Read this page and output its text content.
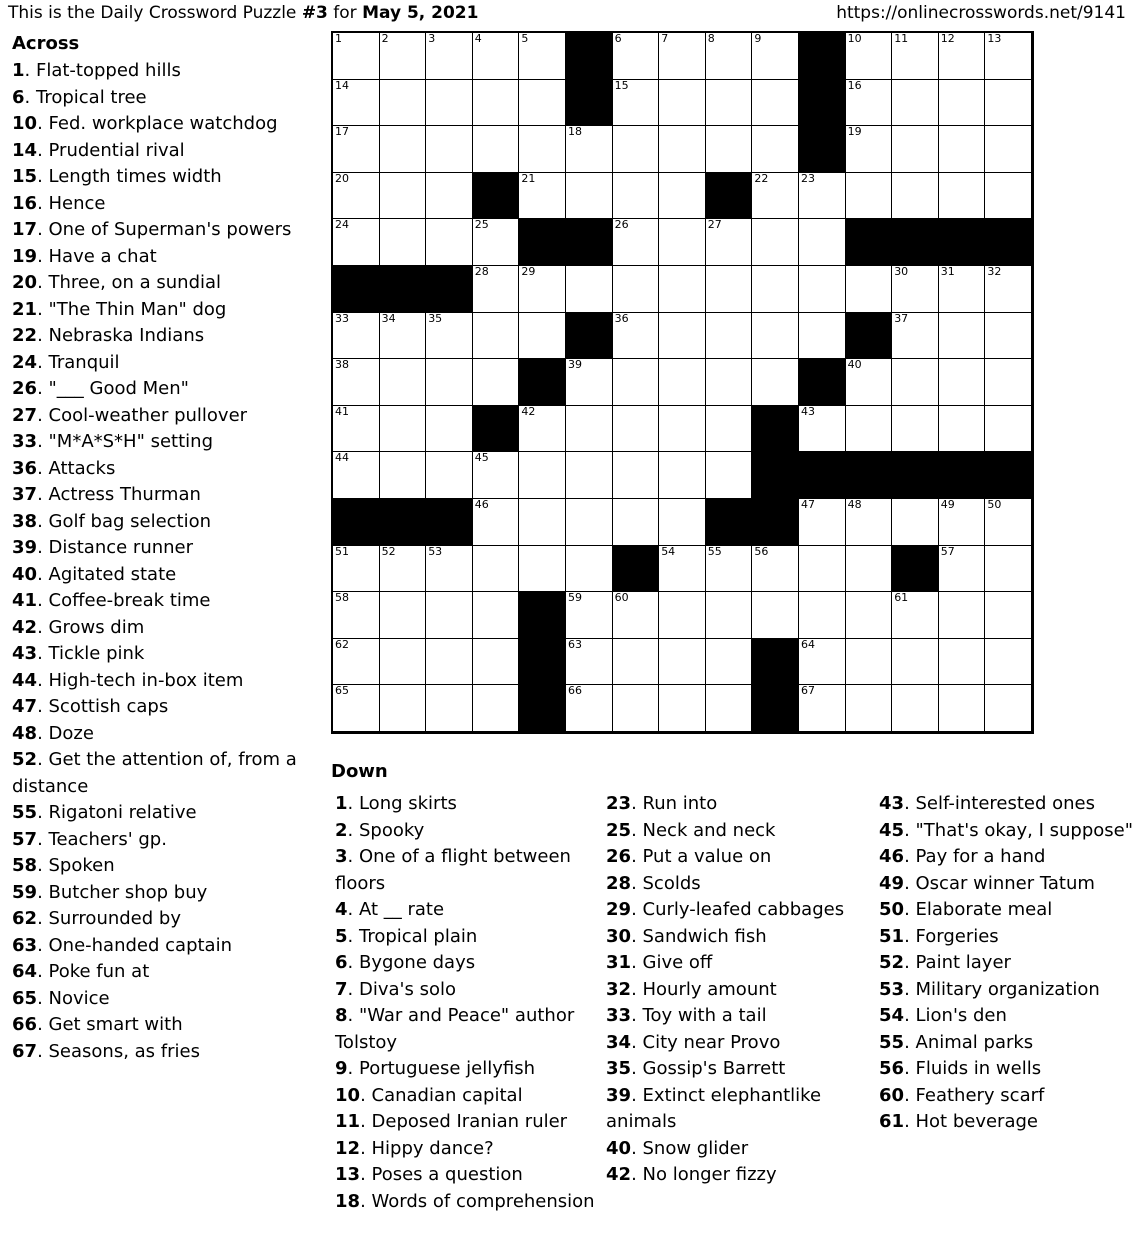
This is the Daily Crossword Puzzle #3 for May 5, 2021	https://onlinecrosswords.net/9141
Across
1. Flat-topped hills
6. Tropical tree
10. Fed. workplace watchdog
14. Prudential rival
15. Length times width
16. Hence
17. One of Superman's powers
19. Have a chat
20. Three, on a sundial
21. "The Thin Man" dog
22. Nebraska Indians
24. Tranquil
26. "___ Good Men"
27. Cool-weather pullover
33. "M*A*S*H" setting
36. Attacks
37. Actress Thurman
38. Golf bag selection
39. Distance runner
40. Agitated state
41. Coffee-break time
42. Grows dim
43. Tickle pink
44. High-tech in-box item
47. Scottish caps
48. Doze
52. Get the attention of, from a distance
55. Rigatoni relative
57. Teachers' gp.
58. Spoken
59. Butcher shop buy
62. Surrounded by
63. One-handed captain
64. Poke fun at
65. Novice
66. Get smart with
67. Seasons, as fries
1	2	3	4	5	6	7	8	9	10	11	12	13
14	15	16
17	18	19
20	21	22	23
24	25	26	27
28	29	30	31	32
33	34	35	36	37
38	39	40
41	42	43
44	45
46	47	48	49	50
51	52	53	54	55	56	57
58	59	60	61
62	63	64
65	66	67
Down
1. Long skirts
2. Spooky
3. One of a flight between floors
4. At __ rate
5. Tropical plain
6. Bygone days
7. Diva's solo
8. "War and Peace" author Tolstoy
9. Portuguese jellyfish
10. Canadian capital
11. Deposed Iranian ruler
12. Hippy dance?
13. Poses a question
18. Words of comprehension
23. Run into
25. Neck and neck
26. Put a value on
28. Scolds
29. Curly-leafed cabbages
30. Sandwich fish
31. Give off
32. Hourly amount
33. Toy with a tail
34. City near Provo
35. Gossip's Barrett
39. Extinct elephantlike animals
40. Snow glider
42. No longer fizzy
43. Self-interested ones
45. "That's okay, I suppose"
46. Pay for a hand
49. Oscar winner Tatum
50. Elaborate meal
51. Forgeries
52. Paint layer
53. Military organization
54. Lion's den
55. Animal parks
56. Fluids in wells
60. Feathery scarf
61. Hot beverage
